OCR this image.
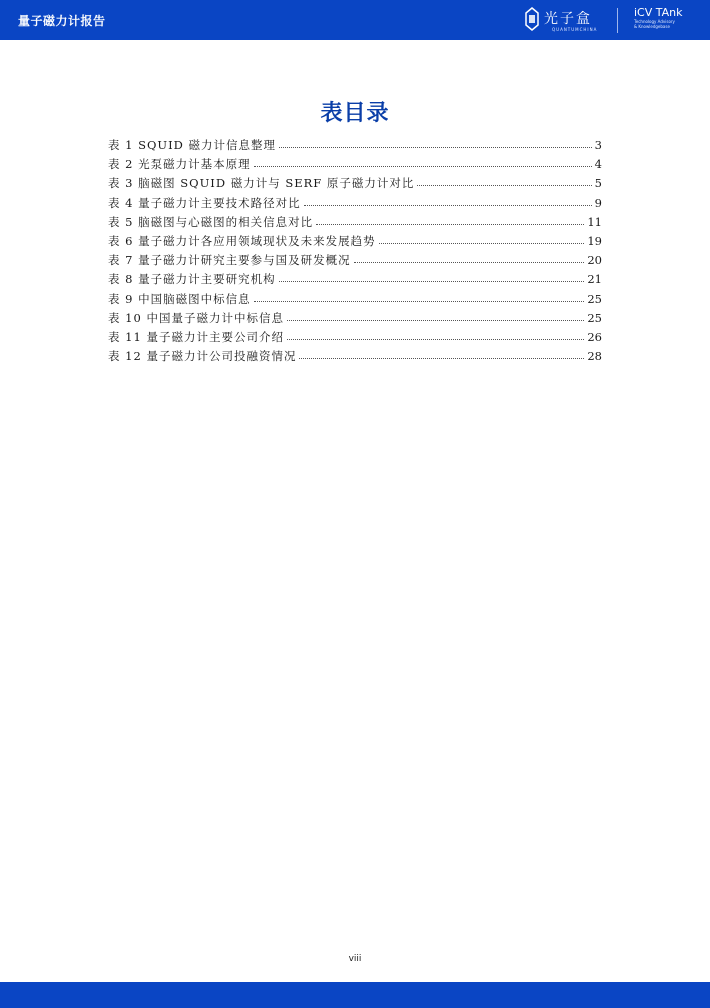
量子磁力计报告	光子盒
QUANTUMCHINA
iCV TAnk
Technology Advisory
& Knowledgebase
表目录
表 1 SQUID 磁力计信息整理	3
表 2 光泵磁力计基本原理	4
表 3 脑磁图 SQUID 磁力计与 SERF 原子磁力计对比	5
表 4 量子磁力计主要技术路径对比	9
表 5 脑磁图与心磁图的相关信息对比	11
表 6 量子磁力计各应用领域现状及未来发展趋势	19
表 7 量子磁力计研究主要参与国及研发概况	20
表 8 量子磁力计主要研究机构	21
表 9 中国脑磁图中标信息	25
表 10 中国量子磁力计中标信息	25
表 11 量子磁力计主要公司介绍	26
表 12 量子磁力计公司投融资情况	28
viii
